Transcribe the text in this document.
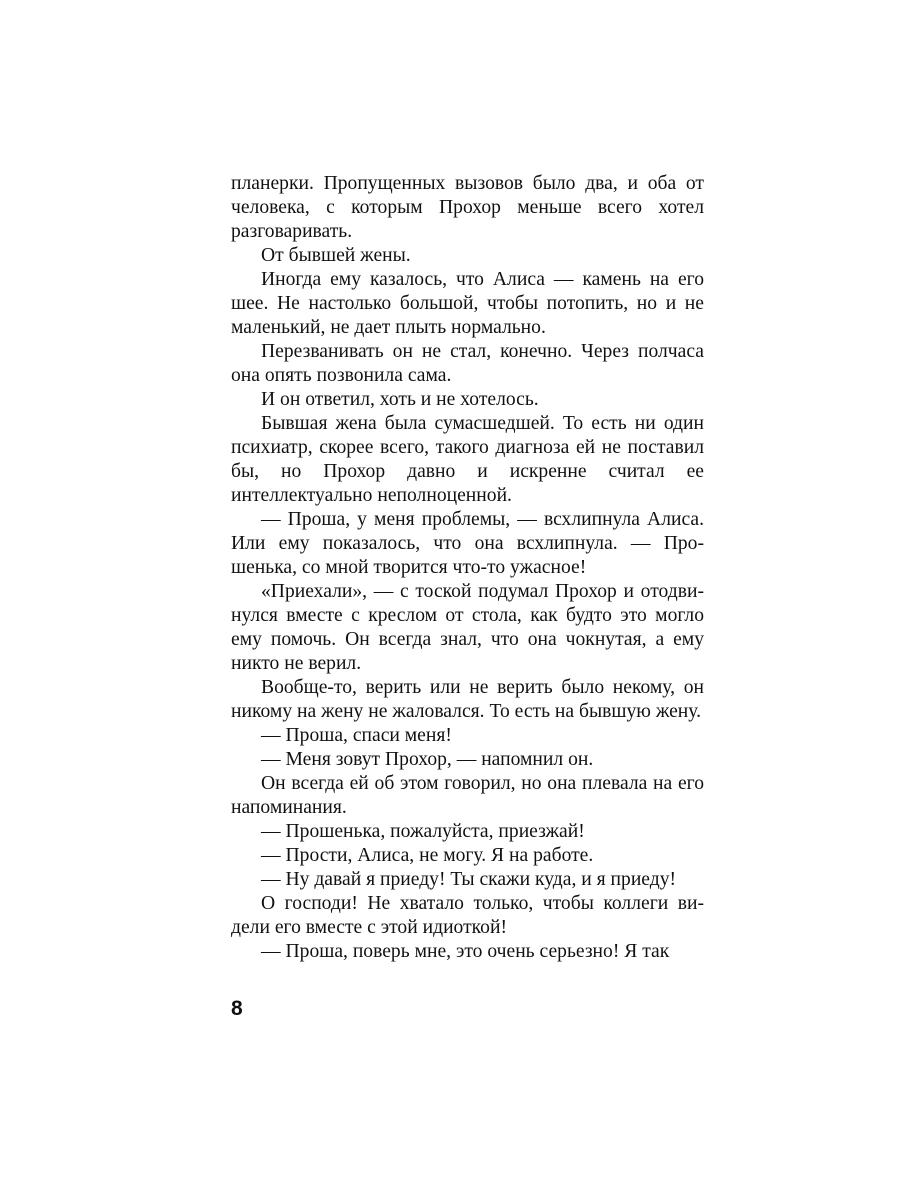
планерки. Пропущенных вызовов было два, и оба от человека, с которым Прохор меньше всего хотел разговаривать.

От бывшей жены.

Иногда ему казалось, что Алиса — камень на его шее. Не настолько большой, чтобы потопить, но и не маленький, не дает плыть нормально.

Перезванивать он не стал, конечно. Через полчаса она опять позвонила сама.

И он ответил, хоть и не хотелось.

Бывшая жена была сумасшедшей. То есть ни один психиатр, скорее всего, такого диагноза ей не поставил бы, но Прохор давно и искренне считал ее интеллектуально неполноценной.

— Проша, у меня проблемы, — всхлипнула Алиса. Или ему показалось, что она всхлипнула. — Прошенька, со мной творится что-то ужасное!

«Приехали», — с тоской подумал Прохор и отодвинулся вместе с креслом от стола, как будто это могло ему помочь. Он всегда знал, что она чокнутая, а ему никто не верил.

Вообще-то, верить или не верить было некому, он никому на жену не жаловался. То есть на бывшую жену.

— Проша, спаси меня!

— Меня зовут Прохор, — напомнил он.

Он всегда ей об этом говорил, но она плевала на его напоминания.

— Прошенька, пожалуйста, приезжай!

— Прости, Алиса, не могу. Я на работе.

— Ну давай я приеду! Ты скажи куда, и я приеду!

О господи! Не хватало только, чтобы коллеги видели его вместе с этой идиоткой!

— Проша, поверь мне, это очень серьезно! Я так

8
